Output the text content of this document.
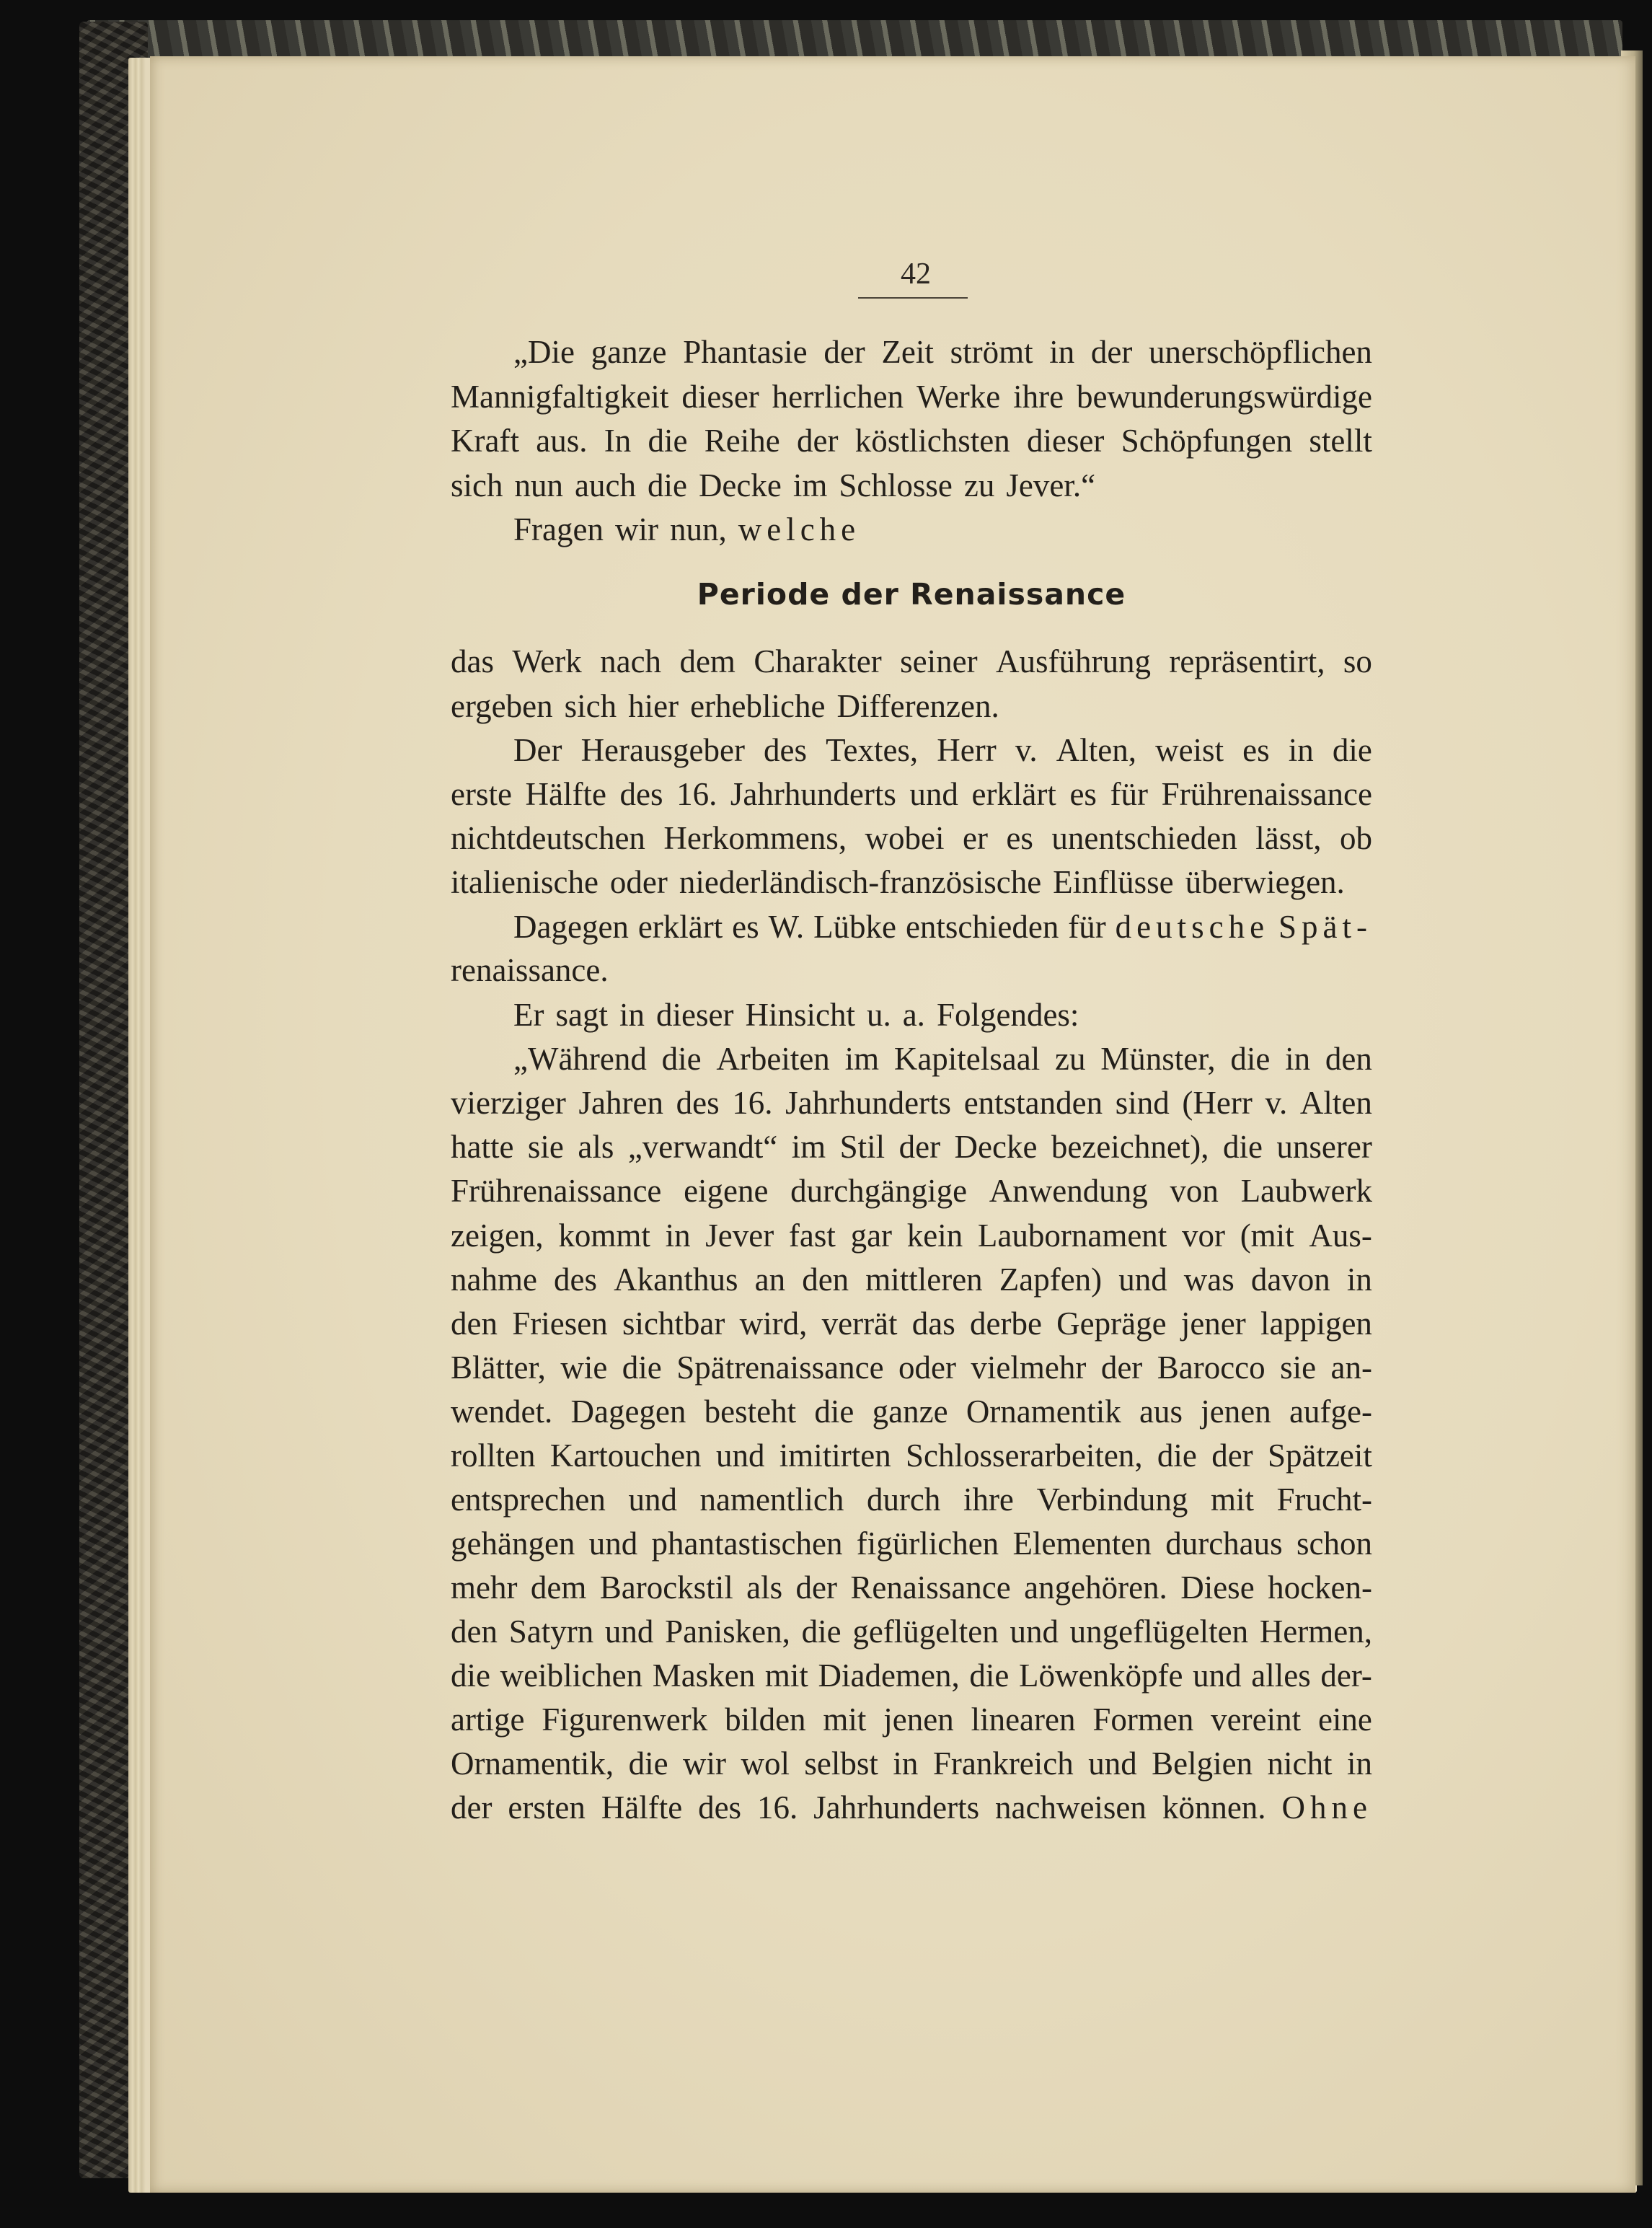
42
„Die ganze Phantasie der Zeit strömt in der unerschöpflichen
Mannigfaltigkeit dieser herrlichen Werke ihre bewunderungswürdige
Kraft aus. In die Reihe der köstlichsten dieser Schöpfungen stellt
sich nun auch die Decke im Schlosse zu Jever.“
Fragen wir nun, welche
Periode der Renaissance
das Werk nach dem Charakter seiner Ausführung repräsentirt, so
ergeben sich hier erhebliche Differenzen.
Der Herausgeber des Textes, Herr v. Alten, weist es in die
erste Hälfte des 16. Jahrhunderts und erklärt es für Frührenaissance
nichtdeutschen Herkommens, wobei er es unentschieden lässt, ob
italienische oder niederländisch-französische Einflüsse überwiegen.
Dagegen erklärt es W. Lübke entschieden für deutsche Spät-
renaissance.
Er sagt in dieser Hinsicht u. a. Folgendes:
„Während die Arbeiten im Kapitelsaal zu Münster, die in den
vierziger Jahren des 16. Jahrhunderts entstanden sind (Herr v. Alten
hatte sie als „verwandt“ im Stil der Decke bezeichnet), die unserer
Frührenaissance eigene durchgängige Anwendung von Laubwerk
zeigen, kommt in Jever fast gar kein Laubornament vor (mit Aus-
nahme des Akanthus an den mittleren Zapfen) und was davon in
den Friesen sichtbar wird, verrät das derbe Gepräge jener lappigen
Blätter, wie die Spätrenaissance oder vielmehr der Barocco sie an-
wendet. Dagegen besteht die ganze Ornamentik aus jenen aufge-
rollten Kartouchen und imitirten Schlosserarbeiten, die der Spätzeit
entsprechen und namentlich durch ihre Verbindung mit Frucht-
gehängen und phantastischen figürlichen Elementen durchaus schon
mehr dem Barockstil als der Renaissance angehören. Diese hocken-
den Satyrn und Panisken, die geflügelten und ungeflügelten Hermen,
die weiblichen Masken mit Diademen, die Löwenköpfe und alles der-
artige Figurenwerk bilden mit jenen linearen Formen vereint eine
Ornamentik, die wir wol selbst in Frankreich und Belgien nicht in
der ersten Hälfte des 16. Jahrhunderts nachweisen können. Ohne
